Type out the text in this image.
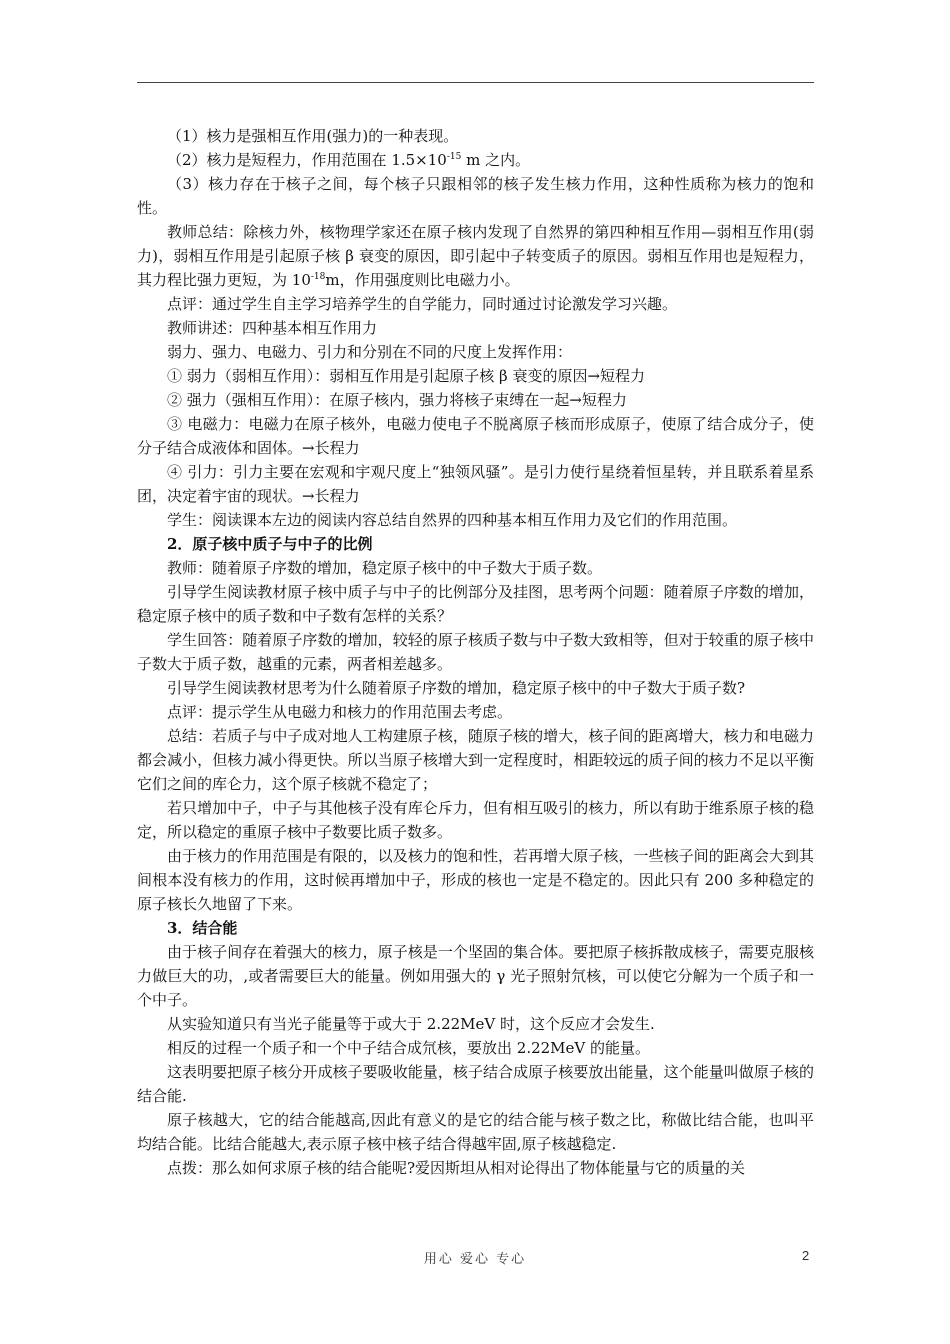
（1）核力是强相互作用(强力)的一种表现。

（2）核力是短程力，作用范围在 $1.5\times 10^{-15}$ m 之内。

（3）核力存在于核子之间，每个核子只跟相邻的核子发生核力作用，这种性质称为核力的饱和性。

教师总结：除核力外，核物理学家还在原子核内发现了自然界的第四种相互作用—弱相互作用(弱力)，弱相互作用是引起原子核 β 衰变的原因，即引起中子转变质子的原因。弱相互作用也是短程力，其力程比强力更短，为 $10^{-18}m$，作用强度则比电磁力小。

点评：通过学生自主学习培养学生的自学能力，同时通过讨论激发学习兴趣。

教师讲述：四种基本相互作用力

弱力、强力、电磁力、引力和分别在不同的尺度上发挥作用：

① 弱力（弱相互作用）：弱相互作用是引起原子核 β 衰变的原因→短程力

② 强力（强相互作用）：在原子核内，强力将核子束缚在一起→短程力

③ 电磁力：电磁力在原子核外，电磁力使电子不脱离原子核而形成原子，使原了结合成分子，使分子结合成液体和固体。→长程力

④ 引力：引力主要在宏观和宇观尺度上“独领风骚”。是引力使行星绕着恒星转，并且联系着星系团，决定着宇宙的现状。→长程力

学生：阅读课本左边的阅读内容总结自然界的四种基本相互作用力及它们的作用范围。

2．原子核中质子与中子的比例

教师：随着原子序数的增加，稳定原子核中的中子数大于质子数。

引导学生阅读教材原子核中质子与中子的比例部分及挂图，思考两个问题：随着原子序数的增加，稳定原子核中的质子数和中子数有怎样的关系？

学生回答：随着原子序数的增加，较轻的原子核质子数与中子数大致相等，但对于较重的原子核中子数大于质子数，越重的元素，两者相差越多。

引导学生阅读教材思考为什么随着原子序数的增加，稳定原子核中的中子数大于质子数?

点评：提示学生从电磁力和核力的作用范围去考虑。

总结：若质子与中子成对地人工构建原子核，随原子核的增大，核子间的距离增大，核力和电磁力都会减小，但核力减小得更快。所以当原子核增大到一定程度时，相距较远的质子间的核力不足以平衡它们之间的库仑力，这个原子核就不稳定了；

若只增加中子，中子与其他核子没有库仑斥力，但有相互吸引的核力，所以有助于维系原子核的稳定，所以稳定的重原子核中子数要比质子数多。

由于核力的作用范围是有限的，以及核力的饱和性，若再增大原子核，一些核子间的距离会大到其间根本没有核力的作用，这时候再增加中子，形成的核也一定是不稳定的。因此只有 200 多种稳定的原子核长久地留了下来。

3．结合能

由于核子间存在着强大的核力，原子核是一个坚固的集合体。要把原子核拆散成核子，需要克服核力做巨大的功，,或者需要巨大的能量。例如用强大的 γ 光子照射氘核，可以使它分解为一个质子和一个中子。

从实验知道只有当光子能量等于或大于 2.22MeV 时，这个反应才会发生.

相反的过程一个质子和一个中子结合成氘核，要放出 2.22MeV 的能量。

这表明要把原子核分开成核子要吸收能量，核子结合成原子核要放出能量，这个能量叫做原子核的结合能.

原子核越大，它的结合能越高,因此有意义的是它的结合能与核子数之比，称做比结合能，也叫平均结合能。比结合能越大,表示原子核中核子结合得越牢固,原子核越稳定.

点拨：那么如何求原子核的结合能呢?爱因斯坦从相对论得出了物体能量与它的质量的关

用心 爱心 专心	2
